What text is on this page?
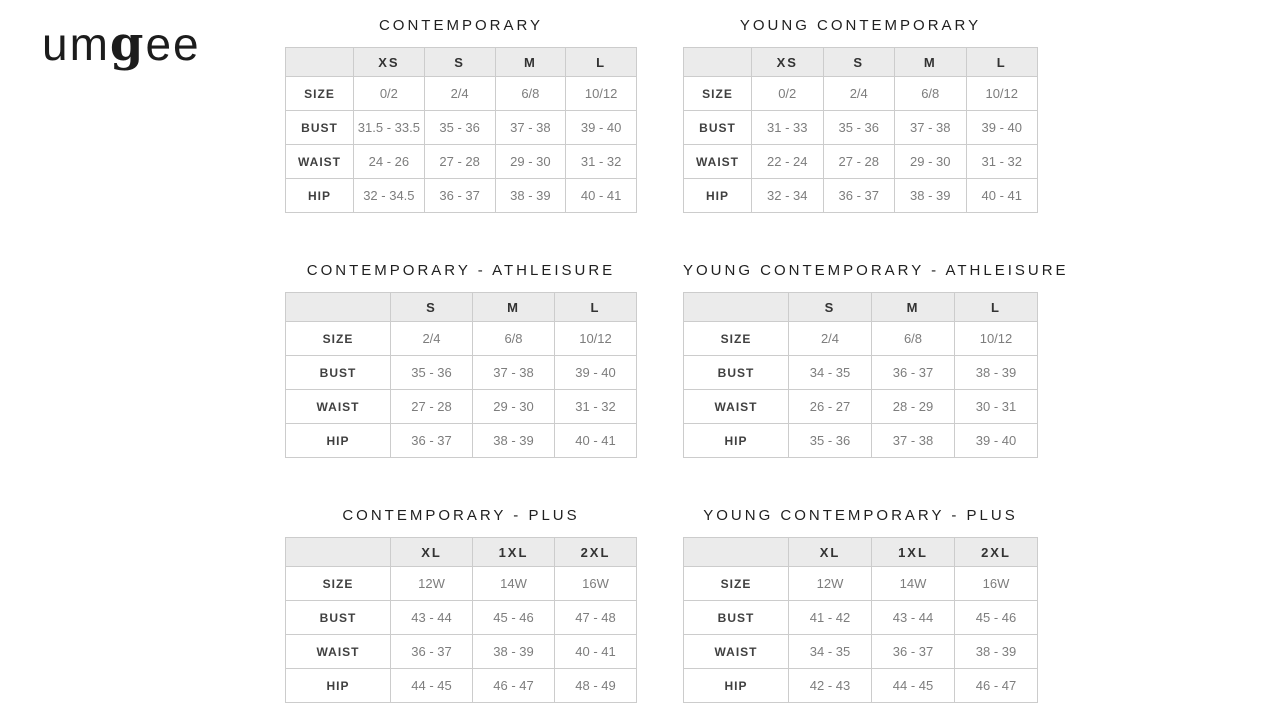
umgee	CONTEMPORARY
	XS	S	M	L
SIZE	0/2	2/4	6/8	10/12
BUST	31.5 - 33.5	35 - 36	37 - 38	39 - 40
WAIST	24 - 26	27 - 28	29 - 30	31 - 32
HIP	32 - 34.5	36 - 37	38 - 39	40 - 41
YOUNG CONTEMPORARY
	XS	S	M	L
SIZE	0/2	2/4	6/8	10/12
BUST	31 - 33	35 - 36	37 - 38	39 - 40
WAIST	22 - 24	27 - 28	29 - 30	31 - 32
HIP	32 - 34	36 - 37	38 - 39	40 - 41
CONTEMPORARY - ATHLEISURE
	S	M	L
SIZE	2/4	6/8	10/12
BUST	35 - 36	37 - 38	39 - 40
WAIST	27 - 28	29 - 30	31 - 32
HIP	36 - 37	38 - 39	40 - 41
YOUNG CONTEMPORARY - ATHLEISURE
	S	M	L
SIZE	2/4	6/8	10/12
BUST	34 - 35	36 - 37	38 - 39
WAIST	26 - 27	28 - 29	30 - 31
HIP	35 - 36	37 - 38	39 - 40
CONTEMPORARY - PLUS
	XL	1XL	2XL
SIZE	12W	14W	16W
BUST	43 - 44	45 - 46	47 - 48
WAIST	36 - 37	38 - 39	40 - 41
HIP	44 - 45	46 - 47	48 - 49
YOUNG CONTEMPORARY - PLUS
	XL	1XL	2XL
SIZE	12W	14W	16W
BUST	41 - 42	43 - 44	45 - 46
WAIST	34 - 35	36 - 37	38 - 39
HIP	42 - 43	44 - 45	46 - 47
